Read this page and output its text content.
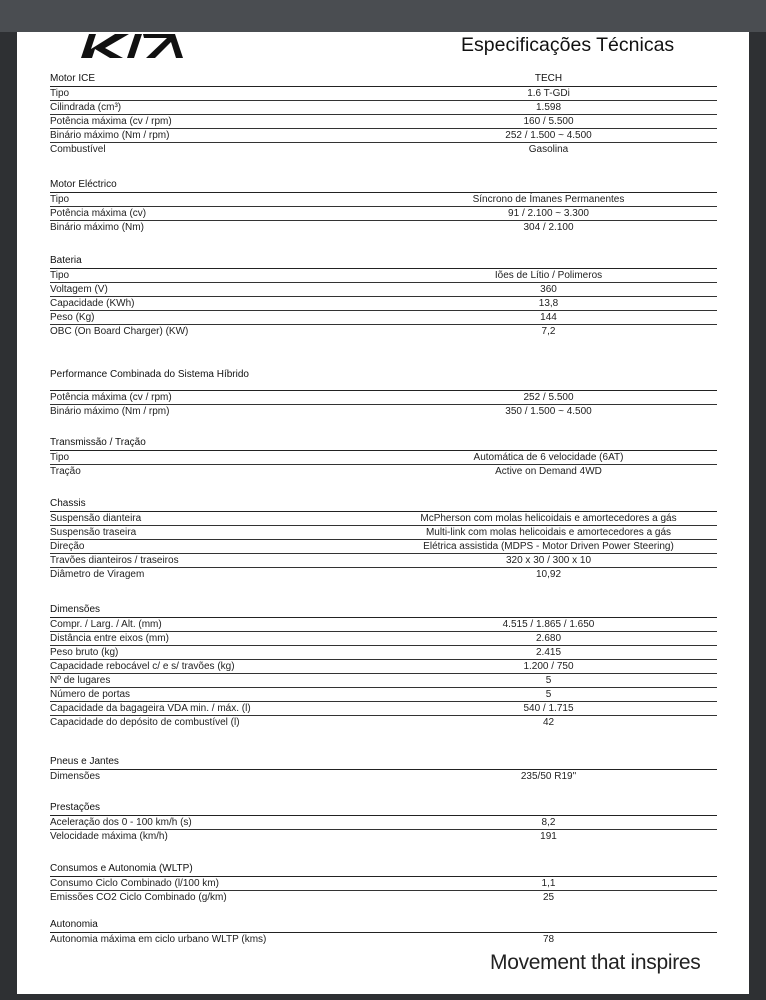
Especificações Técnicas
Motor ICE	TECH
Tipo	1.6 T-GDi
Cilindrada (cm³)	1.598
Potência máxima (cv / rpm)	160 / 5.500
Binário máximo (Nm / rpm)	252 / 1.500 ~ 4.500
Combustível	Gasolina
Motor Eléctrico
Tipo	Síncrono de Ímanes Permanentes
Potência máxima (cv)	91 / 2.100 ~ 3.300
Binário máximo (Nm)	304 / 2.100
Bateria
Tipo	Iões de Lítio / Polimeros
Voltagem (V)	360
Capacidade (KWh)	13,8
Peso (Kg)	144
OBC (On Board Charger) (KW)	7,2
Performance Combinada do Sistema Híbrido
Potência máxima (cv / rpm)	252 / 5.500
Binário máximo (Nm / rpm)	350 / 1.500 ~ 4.500
Transmissão / Tração
Tipo	Automática de 6 velocidade (6AT)
Tração	Active on Demand 4WD
Chassis
Suspensão dianteira	McPherson com molas helicoidais e amortecedores a gás
Suspensão traseira	Multi-link com molas helicoidais e amortecedores a gás
Direção	Elétrica assistida (MDPS - Motor Driven Power Steering)
Travões dianteiros / traseiros	320 x 30 / 300 x 10
Diâmetro de Viragem	10,92
Dimensões
Compr. / Larg. / Alt. (mm)	4.515 / 1.865 / 1.650
Distância entre eixos (mm)	2.680
Peso bruto (kg)	2.415
Capacidade rebocável c/ e s/ travões (kg)	1.200 / 750
Nº de lugares	5
Número de portas	5
Capacidade da bagageira VDA min. / máx. (l)	540 / 1.715
Capacidade do depósito de combustível (l)	42
Pneus e Jantes
Dimensões	235/50 R19"
Prestações
Aceleração dos 0 - 100 km/h (s)	8,2
Velocidade máxima (km/h)	191
Consumos e Autonomia (WLTP)
Consumo Ciclo Combinado (l/100 km)	1,1
Emissões CO2 Ciclo Combinado (g/km)	25
Autonomia
Autonomia máxima em ciclo urbano WLTP (kms)	78
Movement that inspires
